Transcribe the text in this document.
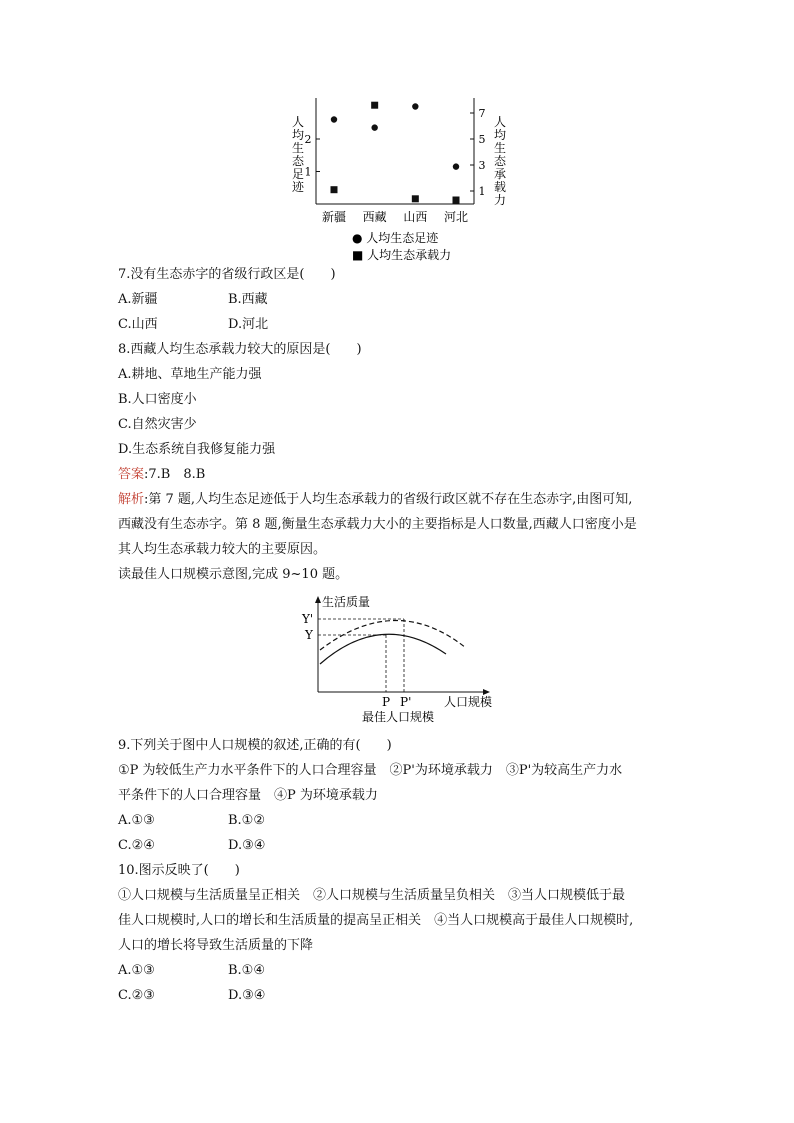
人均生态足迹
人均生态承载力
1
2
1
3
5
7
新疆 西藏 山西 河北
● 人均生态足迹
■ 人均生态承载力
生活质量
Y'
Y
P P'	人口规模
最佳人口规模
7.没有生态赤字的省级行政区是(　　)
A.新疆	B.西藏
C.山西	D.河北
8.西藏人均生态承载力较大的原因是(　　)
A.耕地、草地生产能力强
B.人口密度小
C.自然灾害少
D.生态系统自我修复能力强
答案:7.B　8.B
解析:第 7 题,人均生态足迹低于人均生态承载力的省级行政区就不存在生态赤字,由图可知,
西藏没有生态赤字。第 8 题,衡量生态承载力大小的主要指标是人口数量,西藏人口密度小是
其人均生态承载力较大的主要原因。
读最佳人口规模示意图,完成 9~10 题。
9.下列关于图中人口规模的叙述,正确的有(　　)
①P 为较低生产力水平条件下的人口合理容量　②P'为环境承载力　③P'为较高生产力水
平条件下的人口合理容量　④P 为环境承载力
A.①③	B.①②
C.②④	D.③④
10.图示反映了(　　)
①人口规模与生活质量呈正相关　②人口规模与生活质量呈负相关　③当人口规模低于最
佳人口规模时,人口的增长和生活质量的提高呈正相关　④当人口规模高于最佳人口规模时,
人口的增长将导致生活质量的下降
A.①③	B.①④
C.②③	D.③④
